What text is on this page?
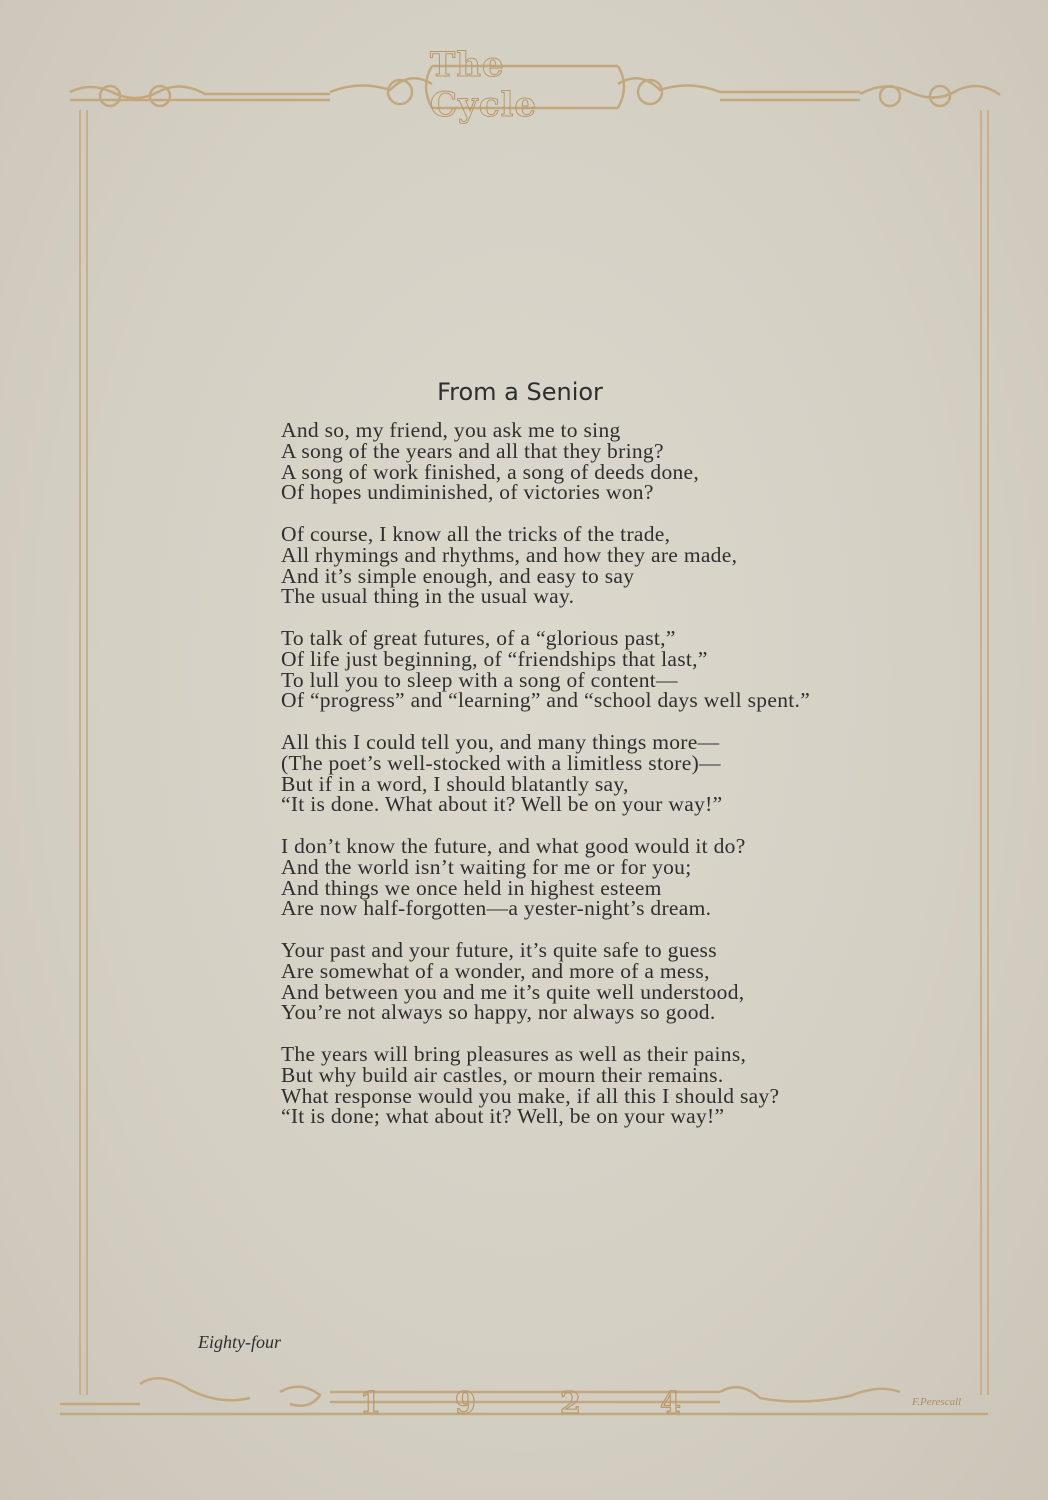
The Cycle
From a Senior
And so, my friend, you ask me to sing
A song of the years and all that they bring?
A song of work finished, a song of deeds done,
Of hopes undiminished, of victories won?
Of course, I know all the tricks of the trade,
All rhymings and rhythms, and how they are made,
And it’s simple enough, and easy to say
The usual thing in the usual way.
To talk of great futures, of a “glorious past,”
Of life just beginning, of “friendships that last,”
To lull you to sleep with a song of content—
Of “progress” and “learning” and “school days well spent.”
All this I could tell you, and many things more—
(The poet’s well-stocked with a limitless store)—
But if in a word, I should blatantly say,
“It is done. What about it? Well be on your way!”
I don’t know the future, and what good would it do?
And the world isn’t waiting for me or for you;
And things we once held in highest esteem
Are now half-forgotten—a yester-night’s dream.
Your past and your future, it’s quite safe to guess
Are somewhat of a wonder, and more of a mess,
And between you and me it’s quite well understood,
You’re not always so happy, nor always so good.
The years will bring pleasures as well as their pains,
But why build air castles, or mourn their remains.
What response would you make, if all this I should say?
“It is done; what about it? Well, be on your way!”
Eighty-four
1 9	2	4	F.Perescall
